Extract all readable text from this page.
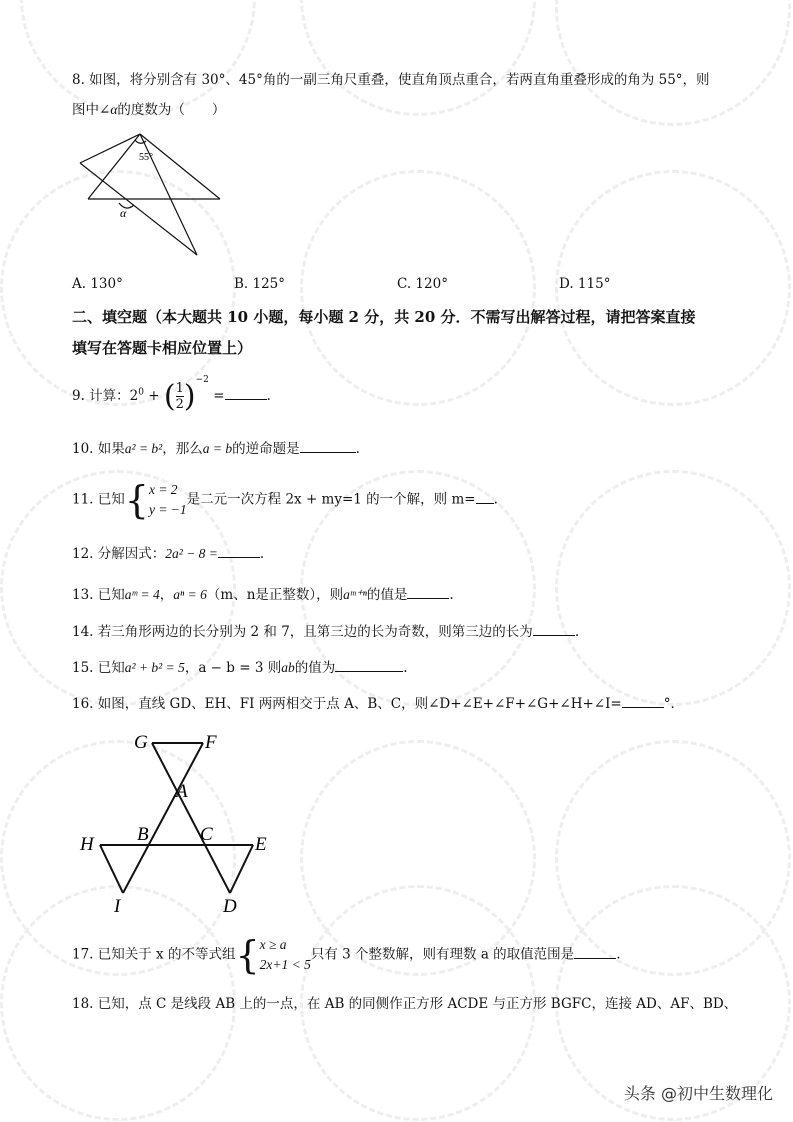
8. 如图，将分别含有 30°、45°角的一副三角尺重叠，使直角顶点重合，若两直角重叠形成的角为 55°，则
图中∠α的度数为（　　）
55°
α
A. 130°	B. 125°	C. 120°	D. 115°
二、填空题（本大题共 10 小题，每小题 2 分，共 20 分．不需写出解答过程，请把答案直接
填写在答题卡相应位置上）
9. 计算：$2^0$ + ( $\frac{1}{2} )^{-2}$ =	.
10. 如果a² = b²，那么a = b的逆命题是	.
11. 已知 { x = 2
y = −1
是二元一次方程 2x + my=1 的一个解，则 m= .
12. 分解因式：2a² − 8 =	.
13. 已知aᵐ = 4，aⁿ = 6（m、n是正整数），则aᵐ⁺ⁿ的值是	.
14. 若三角形两边的长分别为 2 和 7，且第三边的长为奇数，则第三边的长为	.
15. 已知a² + b² = 5，a − b = 3 则ab的值为	.
16. 如图，直线 GD、EH、FI 两两相交于点 A、B、C，则∠D+∠E+∠F+∠G+∠H+∠I=	°．
G	F
A
B	C
H	E
I	D
17. 已知关于 x 的不等式组 { x ≥ a
2x+1 < 5
只有 3 个整数解，则有理数 a 的取值范围是	.
18. 已知，点 C 是线段 AB 上的一点，在 AB 的同侧作正方形 ACDE 与正方形 BGFC，连接 AD、AF、BD、
头条 @初中生数理化
